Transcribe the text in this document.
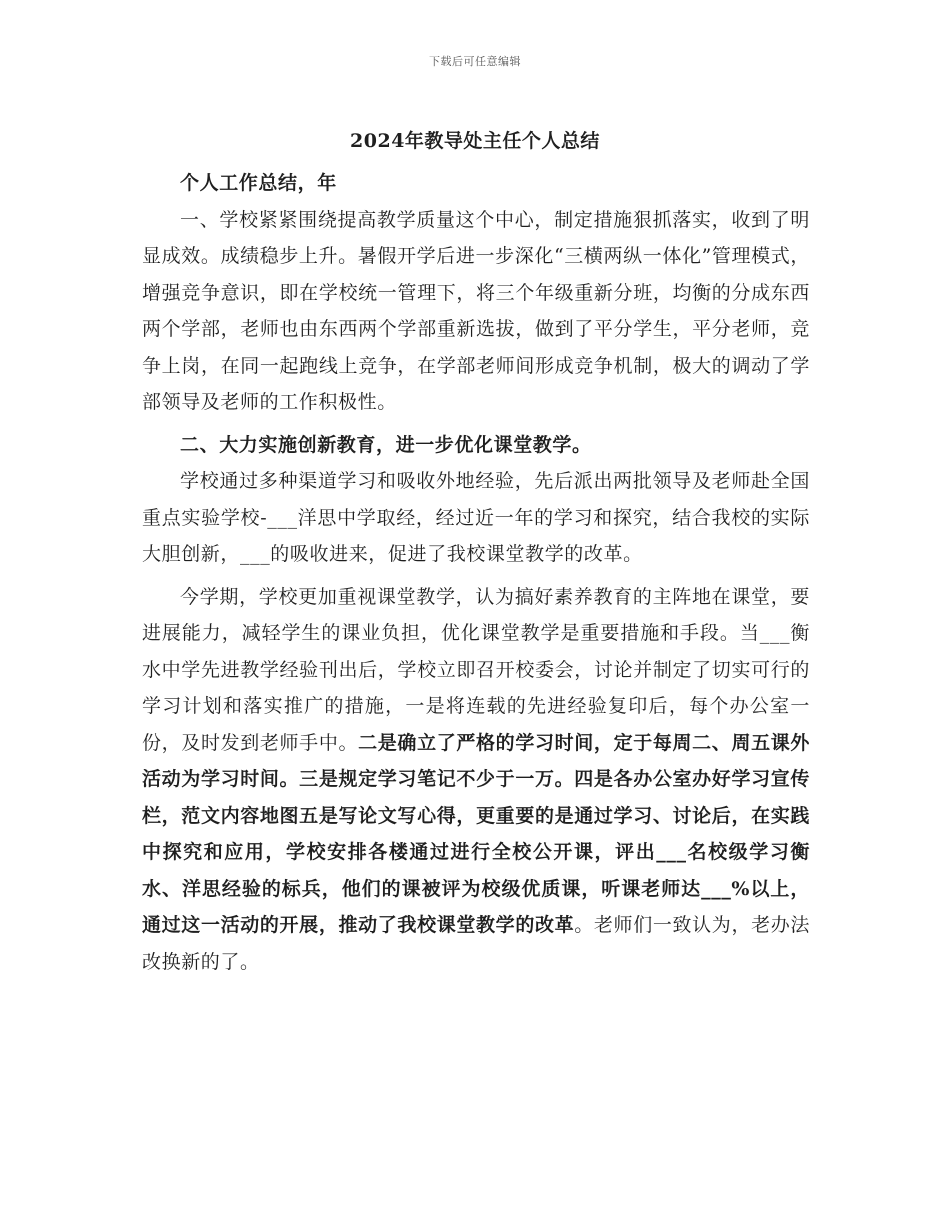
下载后可任意编辑
2024年教导处主任个人总结

个人工作总结，年

一、学校紧紧围绕提高教学质量这个中心，制定措施狠抓落实，收到了明显成效。成绩稳步上升。暑假开学后进一步深化“三横两纵一体化”管理模式，增强竞争意识，即在学校统一管理下，将三个年级重新分班，均衡的分成东西两个学部，老师也由东西两个学部重新选拔，做到了平分学生，平分老师，竞争上岗，在同一起跑线上竞争，在学部老师间形成竞争机制，极大的调动了学部领导及老师的工作积极性。

二、大力实施创新教育，进一步优化课堂教学。

学校通过多种渠道学习和吸收外地经验，先后派出两批领导及老师赴全国重点实验学校-___洋思中学取经，经过近一年的学习和探究，结合我校的实际大胆创新，___的吸收进来，促进了我校课堂教学的改革。

今学期，学校更加重视课堂教学，认为搞好素养教育的主阵地在课堂，要进展能力，减轻学生的课业负担，优化课堂教学是重要措施和手段。当___衡水中学先进教学经验刊出后，学校立即召开校委会，讨论并制定了切实可行的学习计划和落实推广的措施，一是将连载的先进经验复印后，每个办公室一份，及时发到老师手中。二是确立了严格的学习时间，定于每周二、周五课外活动为学习时间。三是规定学习笔记不少于一万。四是各办公室办好学习宣传栏，范文内容地图五是写论文写心得，更重要的是通过学习、讨论后，在实践中探究和应用，学校安排各楼通过进行全校公开课，评出___名校级学习衡水、洋思经验的标兵，他们的课被评为校级优质课，听课老师达___%以上，通过这一活动的开展，推动了我校课堂教学的改革。老师们一致认为，老办法改换新的了。
